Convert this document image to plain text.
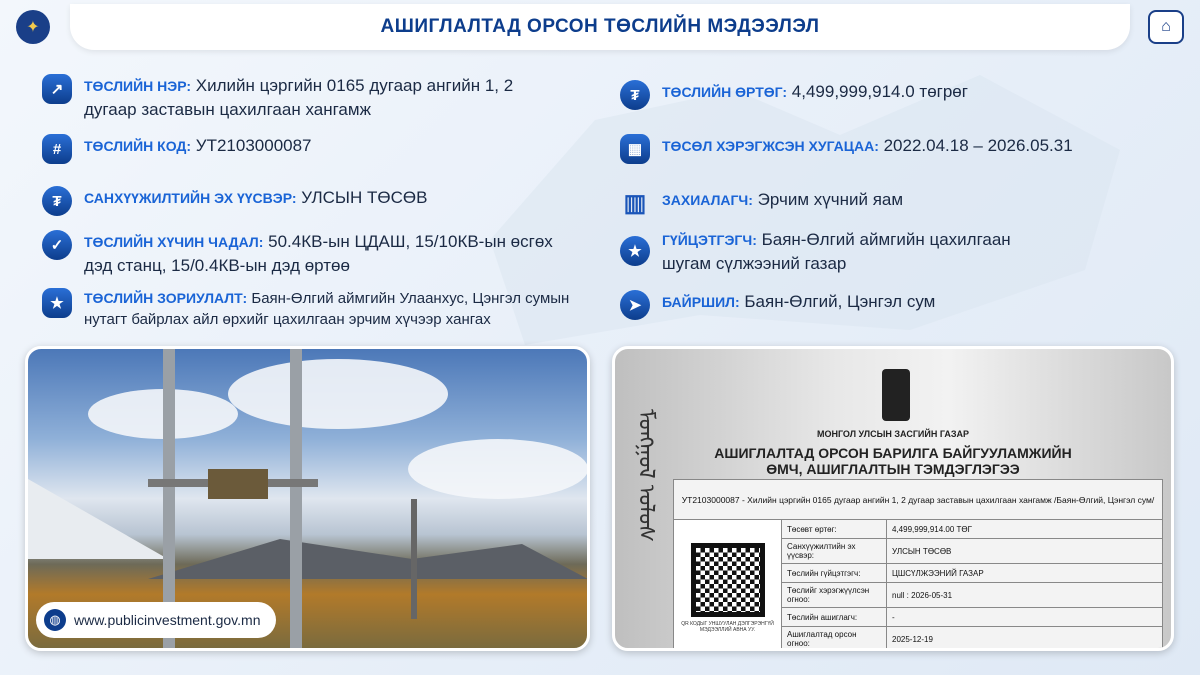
✦	АШИГЛАЛТАД ОРСОН ТӨСЛИЙН МЭДЭЭЛЭЛ	⌂
↗	ТӨСЛИЙН НЭР: Хилийн цэргийн 0165 дугаар ангийн 1, 2 дугаар заставын цахилгаан хангамж
#	ТӨСЛИЙН КОД: УТ2103000087
₮	САНХҮҮЖИЛТИЙН ЭХ ҮҮСВЭР: УЛСЫН ТӨСӨВ
✓	ТӨСЛИЙН ХҮЧИН ЧАДАЛ: 50.4КВ-ын ЦДАШ, 15/10КВ-ын өсгөх дэд станц, 15/0.4КВ-ын дэд өртөө
★	ТӨСЛИЙН ЗОРИУЛАЛТ: Баян-Өлгий аймгийн Улаанхус, Цэнгэл сумын нутагт байрлах айл өрхийг цахилгаан эрчим хүчээр хангах
₮	ТӨСЛИЙН ӨРТӨГ: 4,499,999,914.0 төгрөг
▦	ТӨСӨЛ ХЭРЭГЖСЭН ХУГАЦАА: 2022.04.18 – 2026.05.31
▥ ЗАХИАЛАГЧ: Эрчим хүчний яам
★
ГҮЙЦЭТГЭГЧ: Баян-Өлгий аймгийн цахилгаан шугам сүлжээний газар
➤	БАЙРШИЛ: Баян-Өлгий, Цэнгэл сум
◍ www.publicinvestment.gov.mn
ᠮᠣᠩᠭᠣᠯ ᠤᠯᠤᠰ	МОНГОЛ УЛСЫН ЗАСГИЙН ГАЗАР
АШИГЛАЛТАД ОРСОН БАРИЛГА БАЙГУУЛАМЖИЙН
ӨМЧ, АШИГЛАЛТЫН ТЭМДЭГЛЭГЭЭ
УТ2103000087 - Хилийн цэргийн 0165 дугаар ангийн 1, 2 дугаар заставын цахилгаан хангамж /Баян-Өлгий, Цэнгэл сум/		

QR КОДЫГ УНШУУЛАН ДЭЛГЭРЭНГҮЙ МЭДЭЭЛЛИЙ АВНА УУ.	Төсөвт өртөг:	4,499,999,914.00 ТӨГ
	Санхүүжилтийн эх үүсвэр:	УЛСЫН ТӨСӨВ
	Төслийн гүйцэтгэгч:	ЦШСҮЛЖЭЭНИЙ ГАЗАР
	Төслийг хэрэгжүүлсэн огноо:	null : 2026-05-31
	Төслийн ашиглагч:	-
	Ашиглалтад орсон огноо:	2025-12-19
